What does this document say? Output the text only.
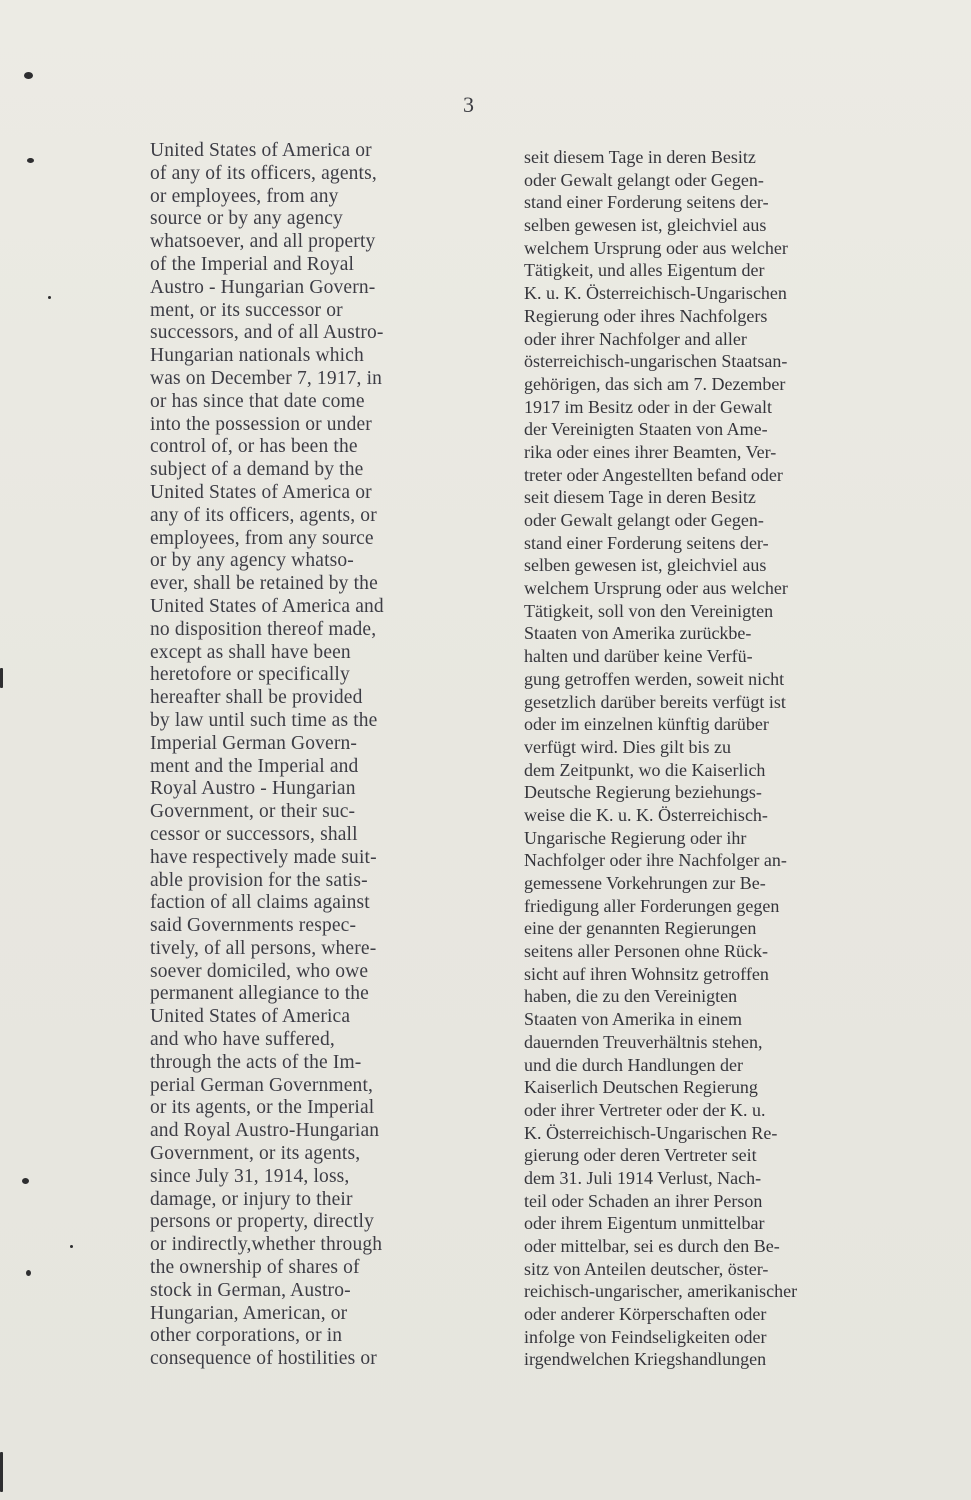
3
United States of America or
of any of its officers, agents,
or employees, from any
source or by any agency
whatsoever, and all property
of the Imperial and Royal
Austro - Hungarian Govern-
ment, or its successor or
successors, and of all Austro-
Hungarian nationals which
was on December 7, 1917, in
or has since that date come
into the possession or under
control of, or has been the
subject of a demand by the
United States of America or
any of its officers, agents, or
employees, from any source
or by any agency whatso-
ever, shall be retained by the
United States of America and
no disposition thereof made,
except as shall have been
heretofore or specifically
hereafter shall be provided
by law until such time as the
Imperial German Govern-
ment and the Imperial and
Royal Austro - Hungarian
Government, or their suc-
cessor or successors, shall
have respectively made suit-
able provision for the satis-
faction of all claims against
said Governments respec-
tively, of all persons, where-
soever domiciled, who owe
permanent allegiance to the
United States of America
and who have suffered,
through the acts of the Im-
perial German Government,
or its agents, or the Imperial
and Royal Austro-Hungarian
Government, or its agents,
since July 31, 1914, loss,
damage, or injury to their
persons or property, directly
or indirectly,whether through
the ownership of shares of
stock in German, Austro-
Hungarian, American, or
other corporations, or in
consequence of hostilities or
seit diesem Tage in deren Besitz
oder Gewalt gelangt oder Gegen-
stand einer Forderung seitens der-
selben gewesen ist, gleichviel aus
welchem Ursprung oder aus welcher
Tätigkeit, und alles Eigentum der
K. u. K. Österreichisch-Ungarischen
Regierung oder ihres Nachfolgers
oder ihrer Nachfolger and aller
österreichisch-ungarischen Staatsan-
gehörigen, das sich am 7. Dezember
1917 im Besitz oder in der Gewalt
der Vereinigten Staaten von Ame-
rika oder eines ihrer Beamten, Ver-
treter oder Angestellten befand oder
seit diesem Tage in deren Besitz
oder Gewalt gelangt oder Gegen-
stand einer Forderung seitens der-
selben gewesen ist, gleichviel aus
welchem Ursprung oder aus welcher
Tätigkeit, soll von den Vereinigten
Staaten von Amerika zurückbe-
halten und darüber keine Verfü-
gung getroffen werden, soweit nicht
gesetzlich darüber bereits verfügt ist
oder im einzelnen künftig darüber
verfügt wird. Dies gilt bis zu
dem Zeitpunkt, wo die Kaiserlich
Deutsche Regierung beziehungs-
weise die K. u. K. Österreichisch-
Ungarische Regierung oder ihr
Nachfolger oder ihre Nachfolger an-
gemessene Vorkehrungen zur Be-
friedigung aller Forderungen gegen
eine der genannten Regierungen
seitens aller Personen ohne Rück-
sicht auf ihren Wohnsitz getroffen
haben, die zu den Vereinigten
Staaten von Amerika in einem
dauernden Treuverhältnis stehen,
und die durch Handlungen der
Kaiserlich Deutschen Regierung
oder ihrer Vertreter oder der K. u.
K. Österreichisch-Ungarischen Re-
gierung oder deren Vertreter seit
dem 31. Juli 1914 Verlust, Nach-
teil oder Schaden an ihrer Person
oder ihrem Eigentum unmittelbar
oder mittelbar, sei es durch den Be-
sitz von Anteilen deutscher, öster-
reichisch-ungarischer, amerikanischer
oder anderer Körperschaften oder
infolge von Feindseligkeiten oder
irgendwelchen Kriegshandlungen
